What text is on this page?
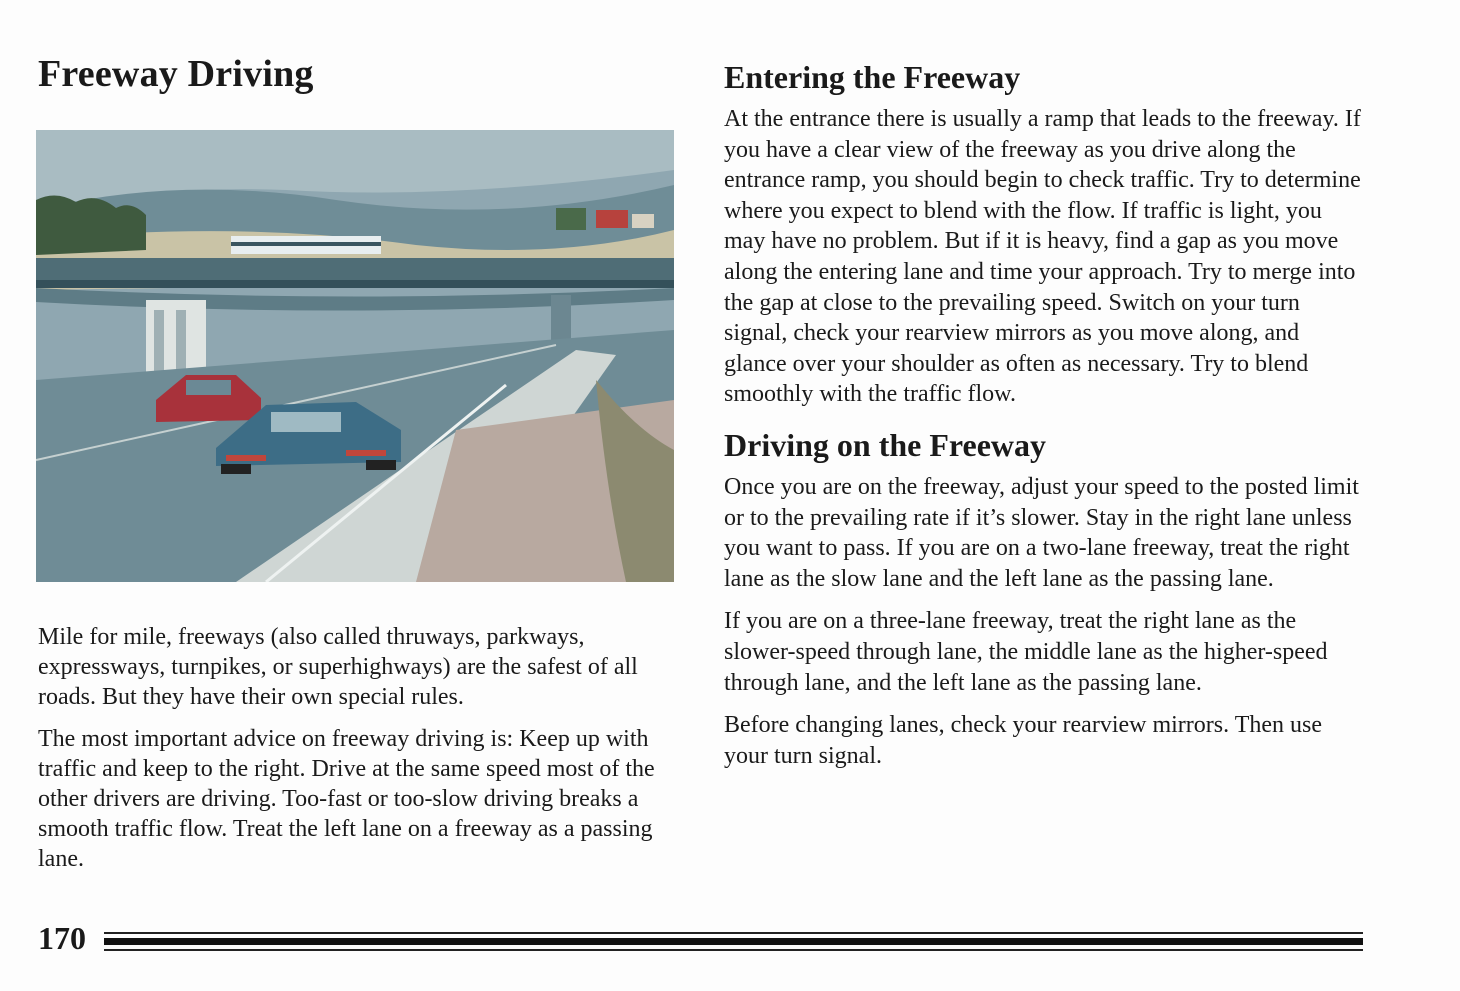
Freeway Driving

Mile for mile, freeways (also called thruways, parkways, expressways, turnpikes, or superhighways) are the safest of all roads. But they have their own special rules.

The most important advice on freeway driving is: Keep up with traffic and keep to the right. Drive at the same speed most of the other drivers are driving. Too-fast or too-slow driving breaks a smooth traffic flow. Treat the left lane on a freeway as a passing lane.

Entering the Freeway

At the entrance there is usually a ramp that leads to the freeway. If you have a clear view of the freeway as you drive along the entrance ramp, you should begin to check traffic. Try to determine where you expect to blend with the flow. If traffic is light, you may have no problem. But if it is heavy, find a gap as you move along the entering lane and time your approach. Try to merge into the gap at close to the prevailing speed. Switch on your turn signal, check your rearview mirrors as you move along, and glance over your shoulder as often as necessary. Try to blend smoothly with the traffic flow.

Driving on the Freeway

Once you are on the freeway, adjust your speed to the posted limit or to the prevailing rate if it’s slower. Stay in the right lane unless you want to pass. If you are on a two-lane freeway, treat the right lane as the slow lane and the left lane as the passing lane.

If you are on a three-lane freeway, treat the right lane as the slower-speed through lane, the middle lane as the higher-speed through lane, and the left lane as the passing lane.

Before changing lanes, check your rearview mirrors. Then use your turn signal.

170
